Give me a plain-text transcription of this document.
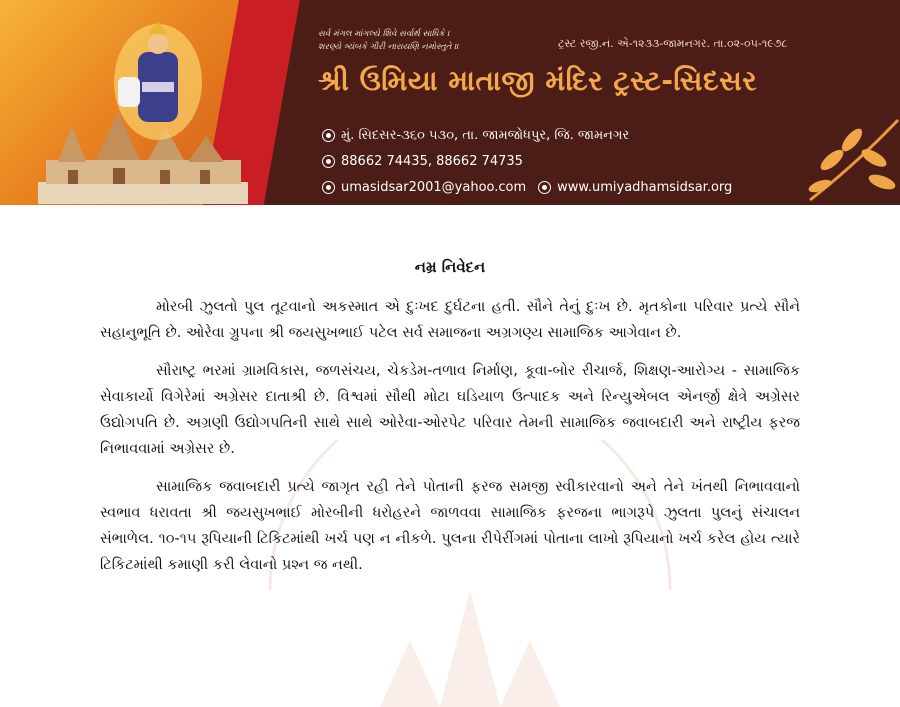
સર્વ મંગલ માંગલ્યે શિવે સર્વાર્થ સાધિકે ।
શરણ્યે ત્ર્યંબકે ગૌરી નારાયણિ નમોસ્તુતે ॥	ટ્રસ્ટ રજી.નં. એ-૧૨૩૩-જામનગર. તા.૦૨-૦૫-૧૯૭૮
શ્રી ઉમિયા માતાજી મંદિર ટ્રસ્ટ-સિદસર
મું. સિદસર-૩૬૦ ૫૩૦, તા. જામજોધપુર, જિ. જામનગર
88662 74435, 88662 74735
umasidsar2001@yahoo.com www.umiyadhamsidsar.org
નમ્ર નિવેદન

મોરબી ઝુલતો પુલ તૂટવાનો અકસ્માત એ દુઃખદ દુર્ઘટના હતી. સૌને તેનું દુઃખ છે. મૃતકોના પરિવાર પ્રત્યે સૌને સહાનુભૂતિ છે. ઓરેવા ગ્રુપના શ્રી જયસુખભાઈ પટેલ સર્વ સમાજના અગ્રગણ્ય સામાજિક આગેવાન છે.

સૌરાષ્ટ્ર ભરમાં ગ્રામવિકાસ, જળસંચય, ચેકડેમ-તળાવ નિર્માણ, કૂવા-બોર રીચાર્જ, શિક્ષણ-આરોગ્ય - સામાજિક સેવાકાર્યો વિગેરેમાં અગ્રેસર દાતાશ્રી છે. વિશ્વમાં સૌથી મોટા ઘડિયાળ ઉત્પાદક અને રિન્યુએબલ એનર્જી ક્ષેત્રે અગ્રેસર ઉદ્યોગપતિ છે. અગ્રણી ઉદ્યોગપતિની સાથે સાથે ઓરેવા-ઓરપેટ પરિવાર તેમની સામાજિક જવાબદારી અને રાષ્ટ્રીય ફરજ નિભાવવામાં અગ્રેસર છે.

સામાજિક જવાબદારી પ્રત્યે જાગૃત રહી તેને પોતાની ફરજ સમજી સ્વીકારવાનો અને તેને ખંતથી નિભાવવાનો સ્વભાવ ધરાવતા શ્રી જયસુખભાઈ મોરબીની ધરોહરને જાળવવા સામાજિક ફરજના ભાગરૂપે ઝુલતા પુલનું સંચાલન સંભાળેલ. ૧૦-૧૫ રૂપિયાની ટિકિટમાંથી ખર્ચ પણ ન નીકળે. પુલના રીપેરીંગમાં પોતાના લાખો રૂપિયાનો ખર્ચ કરેલ હોય ત્યારે ટિકિટમાંથી કમાણી કરી લેવાનો પ્રશ્ન જ નથી.
